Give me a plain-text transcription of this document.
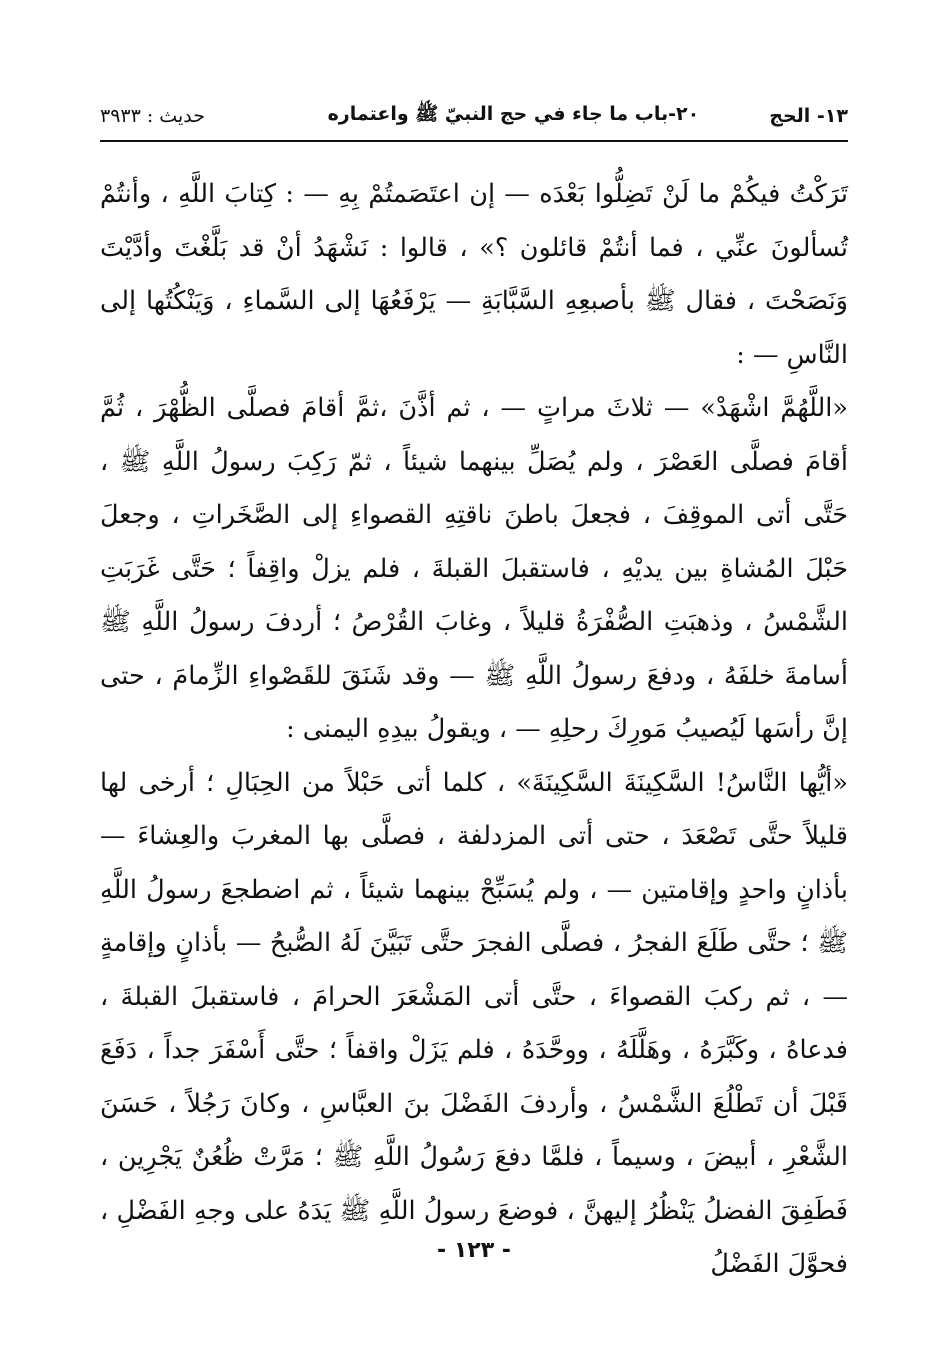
١٣- الحج
٢٠-باب ما جاء في حج النبيّ ﷺ واعتماره
حديث : ٣٩٣٣

تَرَكْتُ فيكُمْ ما لَنْ تَضِلُّوا بَعْدَه — إن اعتَصَمتُمْ بِهِ — : كِتابَ اللَّهِ ، وأنتُمْ تُسألونَ عنِّي ، فما أنتُمْ قائلون ؟» ، قالوا : نَشْهَدُ أنْ قد بَلَّغْتَ وأدَّيْتَ وَنَصَحْتَ ، فقال ﷺ بأصبعِهِ السَّبَّابَةِ — يَرْفَعُهَا إلى السَّماءِ ، وَيَنْكُتُها إلى النَّاسِ — :

«اللَّهُمَّ اشْهَدْ» — ثلاثَ مراتٍ — ، ثم أذَّنَ ،ثمَّ أقامَ فصلَّى الظُّهْرَ ، ثُمَّ أقامَ فصلَّى العَصْرَ ، ولم يُصَلِّ بينهما شيئاً ، ثمّ رَكِبَ رسولُ اللَّهِ ﷺ ، حَتَّى أتى الموقِفَ ، فجعلَ باطنَ ناقتِهِ القصواءِ إلى الصَّخَراتِ ، وجعلَ حَبْلَ المُشاةِ بين يديْهِ ، فاستقبلَ القبلةَ ، فلم يزلْ واقِفاً ؛ حَتَّى غَرَبَتِ الشَّمْسُ ، وذهبَتِ الصُّفْرَةُ قليلاً ، وغابَ القُرْصُ ؛ أردفَ رسولُ اللَّهِ ﷺ أسامةَ خلفَهُ ، ودفعَ رسولُ اللَّهِ ﷺ — وقد شَنَقَ للقَصْواءِ الزِّمامَ ، حتى إنَّ رأسَها لَيُصيبُ مَورِكَ رحلِهِ — ، ويقولُ بيدِهِ اليمنى :

«أيُّها النَّاسُ! السَّكِينَةَ السَّكِينَةَ» ، كلما أتى حَبْلاً من الحِبَالِ ؛ أرخى لها قليلاً حتَّى تَصْعَدَ ، حتى أتى المزدلفة ، فصلَّى بها المغربَ والعِشاءَ — بأذانٍ واحدٍ وإقامتين — ، ولم يُسَبِّحْ بينهما شيئاً ، ثم اضطجعَ رسولُ اللَّهِ ﷺ ؛ حتَّى طَلَعَ الفجرُ ، فصلَّى الفجرَ حتَّى تَبَيَّنَ لَهُ الصُّبحُ — بأذانٍ وإقامةٍ — ، ثم ركبَ القصواءَ ، حتَّى أتى المَشْعَرَ الحرامَ ، فاستقبلَ القبلةَ ، فدعاهُ ، وكَبَّرَهُ ، وهَلَّلَهُ ، ووحَّدَهُ ، فلم يَزَلْ واقفاً ؛ حتَّى أَسْفَرَ جداً ، دَفَعَ قَبْلَ أن تَطْلُعَ الشَّمْسُ ، وأردفَ الفَضْلَ بنَ العبَّاسِ ، وكانَ رَجُلاً ، حَسَنَ الشَّعْرِ ، أبيضَ ، وسيماً ، فلمَّا دفعَ رَسُولُ اللَّهِ ﷺ ؛ مَرَّتْ ظُعُنٌ يَجْرِين ، فَطَفِقَ الفضلُ يَنْظُرُ إليهنَّ ، فوضعَ رسولُ اللَّهِ ﷺ يَدَهُ على وجهِ الفَضْلِ ، فحوَّلَ الفَضْلُ

- ١٢٣ -
